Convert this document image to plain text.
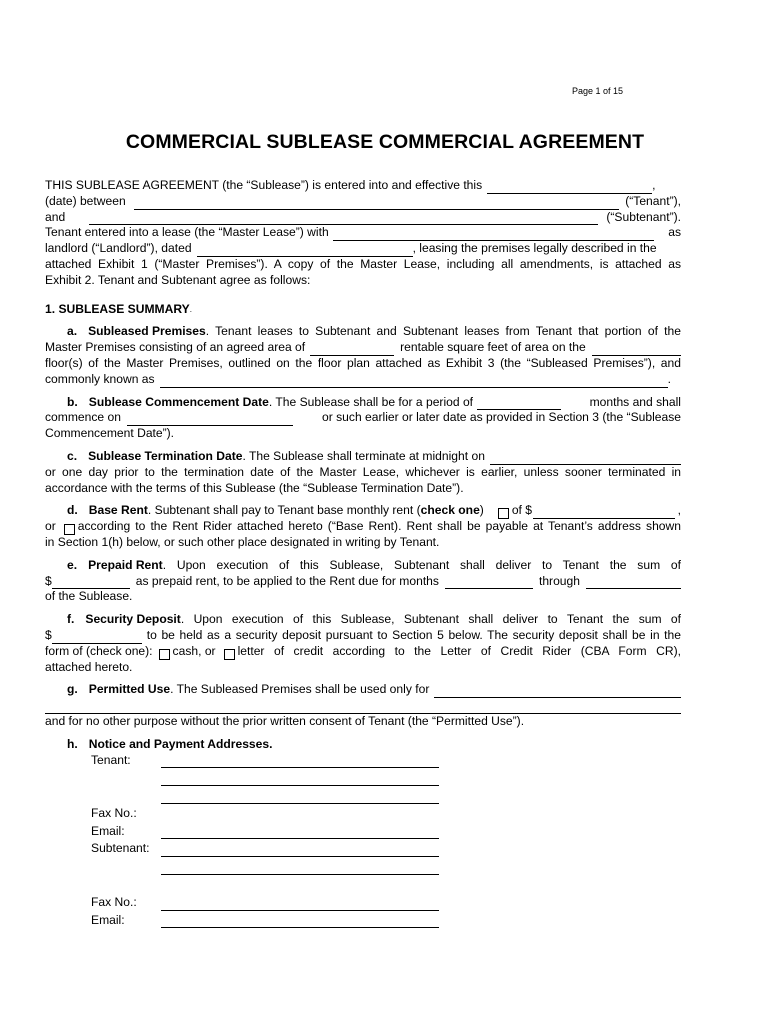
Page 1 of 15
COMMERCIAL SUBLEASE COMMERCIAL AGREEMENT
THIS SUBLEASE AGREEMENT (the “Sublease”) is entered into and effective this	,
(date) between	(“Tenant”),
and	(“Subtenant”).
Tenant entered into a lease (the “Master Lease”) with	as
landlord (“Landlord”), dated	, leasing the premises legally described in the
attached Exhibit 1 (“Master Premises”). A copy of the Master Lease, including all amendments, is attached as
Exhibit 2. Tenant and Subtenant agree as follows:
1. SUBLEASE SUMMARY .
a. Subleased Premises . Tenant leases to Subtenant and Subtenant leases from Tenant that portion of the
Master Premises consisting of an agreed area of	rentable square feet of area on the
floor(s) of the Master Premises, outlined on the floor plan attached as Exhibit 3 (the “Subleased Premises”), and
commonly known as	.
b. Sublease Commencement Date . The Sublease shall be for a period of	months and shall
commence on	or such earlier or later date as provided in Section 3 (the “Sublease
Commencement Date”).
c. Sublease Termination Date . The Sublease shall terminate at midnight on
or one day prior to the termination date of the Master Lease, whichever is earlier, unless sooner terminated in
accordance with the terms of this Sublease (the “Sublease Termination Date”).
d. Base Rent . Subtenant shall pay to Tenant base monthly rent ( check one ) of $	,
or according to the Rent Rider attached hereto (“Base Rent). Rent shall be payable at Tenant’s address shown
in Section 1(h) below, or such other place designated in writing by Tenant.
e. Prepaid Rent . Upon execution of this Sublease, Subtenant shall deliver to Tenant the sum of
$	as prepaid rent, to be applied to the Rent due for months	through
of the Sublease.
f. Security Deposit . Upon execution of this Sublease, Subtenant shall deliver to Tenant the sum of
$	to be held as a security deposit pursuant to Section 5 below. The security deposit shall be in the
form of (check one): cash, or letter of credit according to the Letter of Credit Rider (CBA Form CR),
attached hereto.
g. Permitted Use . The Subleased Premises shall be used only for
and for no other purpose without the prior written consent of Tenant (the “Permitted Use”).
h. Notice and Payment Addresses.
Tenant:
Fax No.:
Email:
Subtenant:
Fax No.:
Email:
